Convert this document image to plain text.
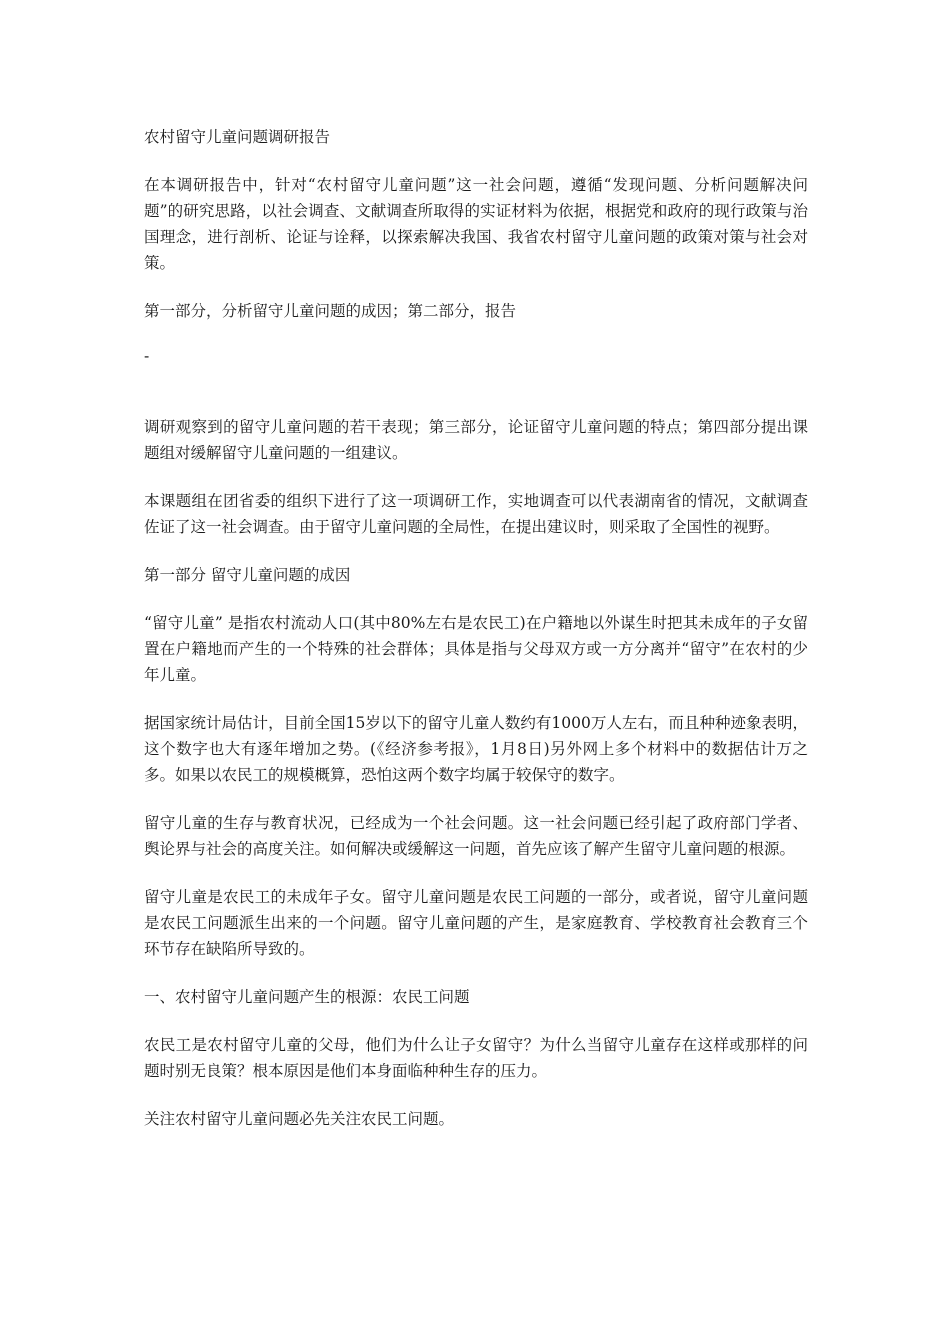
农村留守儿童问题调研报告

在本调研报告中，针对“农村留守儿童问题”这一社会问题，遵循“发现问题、分析问题解决问题”的研究思路，以社会调查、文献调查所取得的实证材料为依据，根据党和政府的现行政策与治国理念，进行剖析、论证与诠释，以探索解决我国、我省农村留守儿童问题的政策对策与社会对策。

第一部分，分析留守儿童问题的成因；第二部分，报告

-

调研观察到的留守儿童问题的若干表现；第三部分，论证留守儿童问题的特点；第四部分提出课题组对缓解留守儿童问题的一组建议。

本课题组在团省委的组织下进行了这一项调研工作，实地调查可以代表湖南省的情况，文献调查佐证了这一社会调查。由于留守儿童问题的全局性，在提出建议时，则采取了全国性的视野。

第一部分 留守儿童问题的成因

“留守儿童” 是指农村流动人口(其中80%左右是农民工)在户籍地以外谋生时把其未成年的子女留置在户籍地而产生的一个特殊的社会群体；具体是指与父母双方或一方分离并“留守”在农村的少年儿童。

据国家统计局估计，目前全国15岁以下的留守儿童人数约有1000万人左右，而且种种迹象表明，这个数字也大有逐年增加之势。(《经济参考报》，1月8日)另外网上多个材料中的数据估计万之多。如果以农民工的规模概算，恐怕这两个数字均属于较保守的数字。

留守儿童的生存与教育状况，已经成为一个社会问题。这一社会问题已经引起了政府部门学者、舆论界与社会的高度关注。如何解决或缓解这一问题，首先应该了解产生留守儿童问题的根源。

留守儿童是农民工的未成年子女。留守儿童问题是农民工问题的一部分，或者说，留守儿童问题是农民工问题派生出来的一个问题。留守儿童问题的产生，是家庭教育、学校教育社会教育三个环节存在缺陷所导致的。

一、农村留守儿童问题产生的根源：农民工问题

农民工是农村留守儿童的父母，他们为什么让子女留守？为什么当留守儿童存在这样或那样的问题时别无良策？根本原因是他们本身面临种种生存的压力。

关注农村留守儿童问题必先关注农民工问题。
